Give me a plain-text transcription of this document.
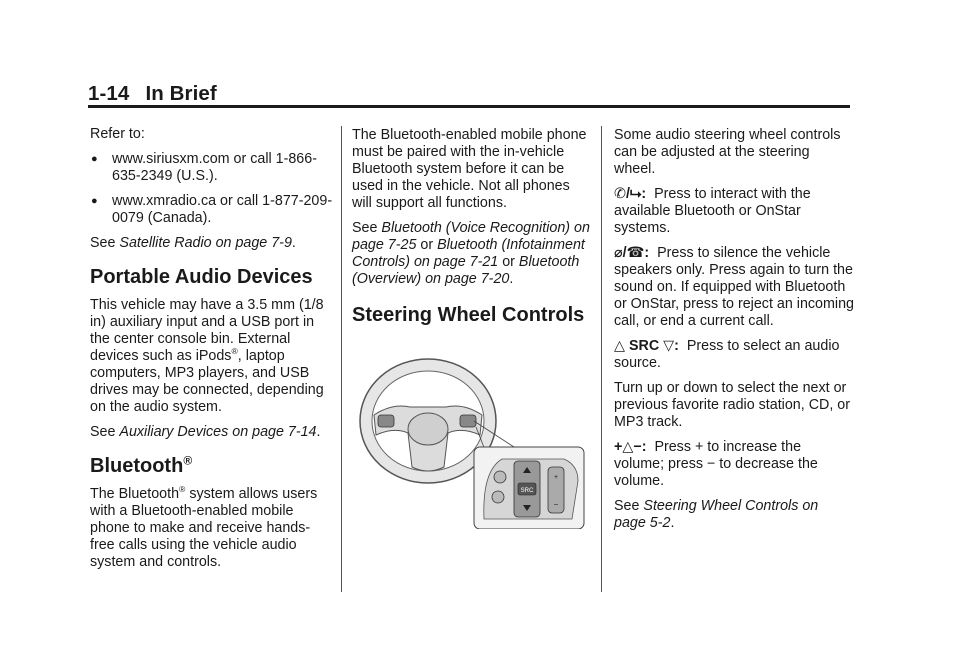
1-14 In Brief

Refer to:

●	www.siriusxm.com or call 1-866-635-2349 (U.S.).
●	www.xmradio.ca or call 1-877-209-0079 (Canada).

See Satellite Radio on page 7-9.

Portable Audio Devices

This vehicle may have a 3.5 mm (1/8 in) auxiliary input and a USB port in the center console bin. External devices such as iPods®, laptop computers, MP3 players, and USB drives may be connected, depending on the audio system.

See Auxiliary Devices on page 7-14.

Bluetooth®

The Bluetooth® system allows users with a Bluetooth-enabled mobile phone to make and receive hands-free calls using the vehicle audio system and controls.

The Bluetooth-enabled mobile phone must be paired with the in-vehicle Bluetooth system before it can be used in the vehicle. Not all phones will support all functions.

See Bluetooth (Voice Recognition) on page 7-25 or Bluetooth (Infotainment Controls) on page 7-21 or Bluetooth (Overview) on page 7-20.

Steering Wheel Controls
SRC
+
−

Some audio steering wheel controls can be adjusted at the steering wheel.

✆/⮡: Press to interact with the available Bluetooth or OnStar systems.

⌀/☎: Press to silence the vehicle speakers only. Press again to turn the sound on. If equipped with Bluetooth or OnStar, press to reject an incoming call, or end a current call.

△ SRC ▽: Press to select an audio source.

Turn up or down to select the next or previous favorite radio station, CD, or MP3 track.

+△−: Press + to increase the volume; press − to decrease the volume.

See Steering Wheel Controls on page 5-2.
